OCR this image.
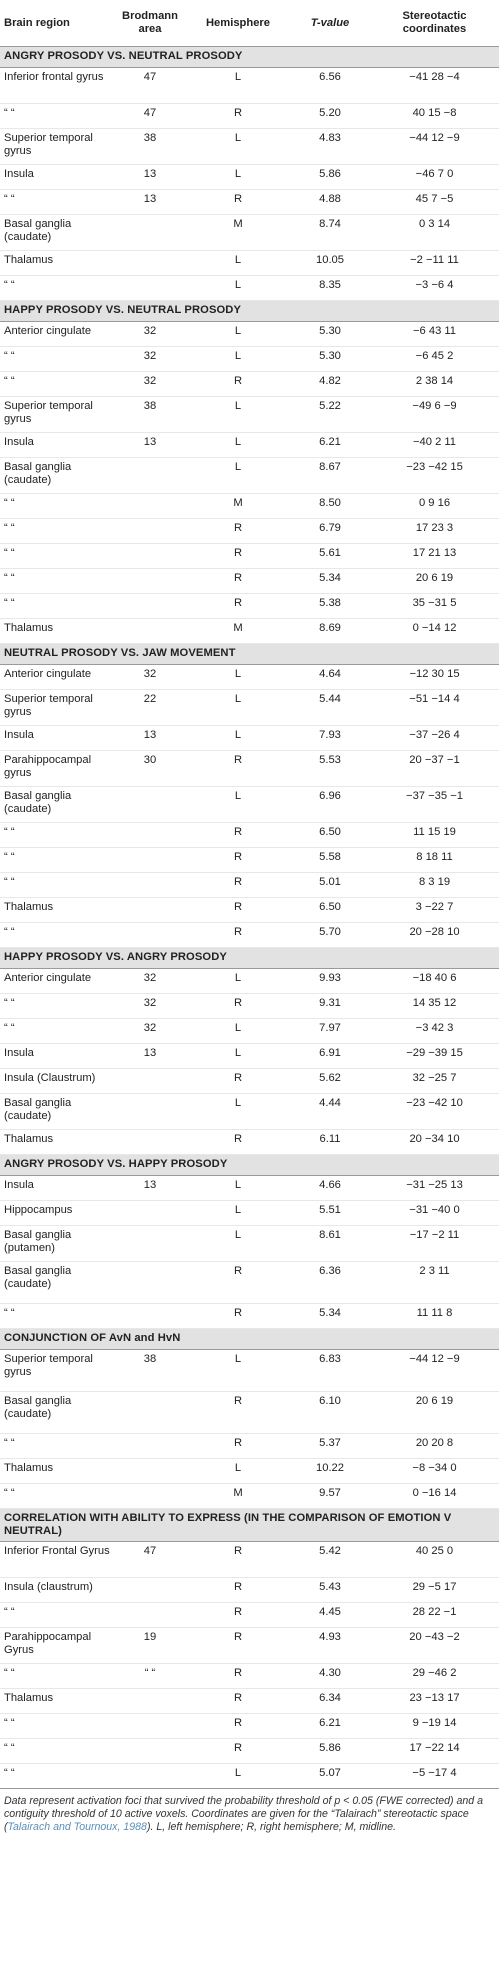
Brain region	Brodmann area	Hemisphere	T-value	Stereotactic coordinates
ANGRY PROSODY VS. NEUTRAL PROSODY				
Inferior frontal gyrus	47	L	6.56	−41 28 −4
“ “	47	R	5.20	40 15 −8
Superior temporal gyrus	38	L	4.83	−44 12 −9
Insula	13	L	5.86	−46 7 0
“ “	13	R	4.88	45 7 −5
Basal ganglia (caudate)		M	8.74	0 3 14
Thalamus		L	10.05	−2 −11 11
“ “		L	8.35	−3 −6 4
HAPPY PROSODY VS. NEUTRAL PROSODY				
Anterior cingulate	32	L	5.30	−6 43 11
“ “	32	L	5.30	−6 45 2
“ “	32	R	4.82	2 38 14
Superior temporal gyrus	38	L	5.22	−49 6 −9
Insula	13	L	6.21	−40 2 11
Basal ganglia (caudate)		L	8.67	−23 −42 15
“ “		M	8.50	0 9 16
“ “		R	6.79	17 23 3
“ “		R	5.61	17 21 13
“ “		R	5.34	20 6 19
“ “		R	5.38	35 −31 5
Thalamus		M	8.69	0 −14 12
NEUTRAL PROSODY VS. JAW MOVEMENT				
Anterior cingulate	32	L	4.64	−12 30 15
Superior temporal gyrus	22	L	5.44	−51 −14 4
Insula	13	L	7.93	−37 −26 4
Parahippocampal gyrus	30	R	5.53	20 −37 −1
Basal ganglia (caudate)		L	6.96	−37 −35 −1
“ “		R	6.50	11 15 19
“ “		R	5.58	8 18 11
“ “		R	5.01	8 3 19
Thalamus		R	6.50	3 −22 7
“ “		R	5.70	20 −28 10
HAPPY PROSODY VS. ANGRY PROSODY				
Anterior cingulate	32	L	9.93	−18 40 6
“ “	32	R	9.31	14 35 12
“ “	32	L	7.97	−3 42 3
Insula	13	L	6.91	−29 −39 15
Insula (Claustrum)		R	5.62	32 −25 7
Basal ganglia (caudate)		L	4.44	−23 −42 10
Thalamus		R	6.11	20 −34 10
ANGRY PROSODY VS. HAPPY PROSODY				
Insula	13	L	4.66	−31 −25 13
Hippocampus		L	5.51	−31 −40 0
Basal ganglia (putamen)		L	8.61	−17 −2 11
Basal ganglia (caudate)		R	6.36	2 3 11
“ “		R	5.34	11 11 8
CONJUNCTION OF AvN and HvN				
Superior temporal gyrus	38	L	6.83	−44 12 −9
Basal ganglia (caudate)		R	6.10	20 6 19
“ “		R	5.37	20 20 8
Thalamus		L	10.22	−8 −34 0
“ “		M	9.57	0 −16 14
CORRELATION WITH ABILITY TO EXPRESS (IN THE COMPARISON OF EMOTION V NEUTRAL)				
Inferior Frontal Gyrus	47	R	5.42	40 25 0
Insula (claustrum)		R	5.43	29 −5 17
“ “		R	4.45	28 22 −1
Parahippocampal Gyrus	19	R	4.93	20 −43 −2
“ “	“ “	R	4.30	29 −46 2
Thalamus		R	6.34	23 −13 17
“ “		R	6.21	9 −19 14
“ “		R	5.86	17 −22 14
“ “		L	5.07	−5 −17 4
Data represent activation foci that survived the probability threshold of p < 0.05 (FWE corrected) and a contiguity threshold of 10 active voxels. Coordinates are given for the “Talairach” stereotactic space (Talairach and Tournoux, 1988). L, left hemisphere; R, right hemisphere; M, midline.
